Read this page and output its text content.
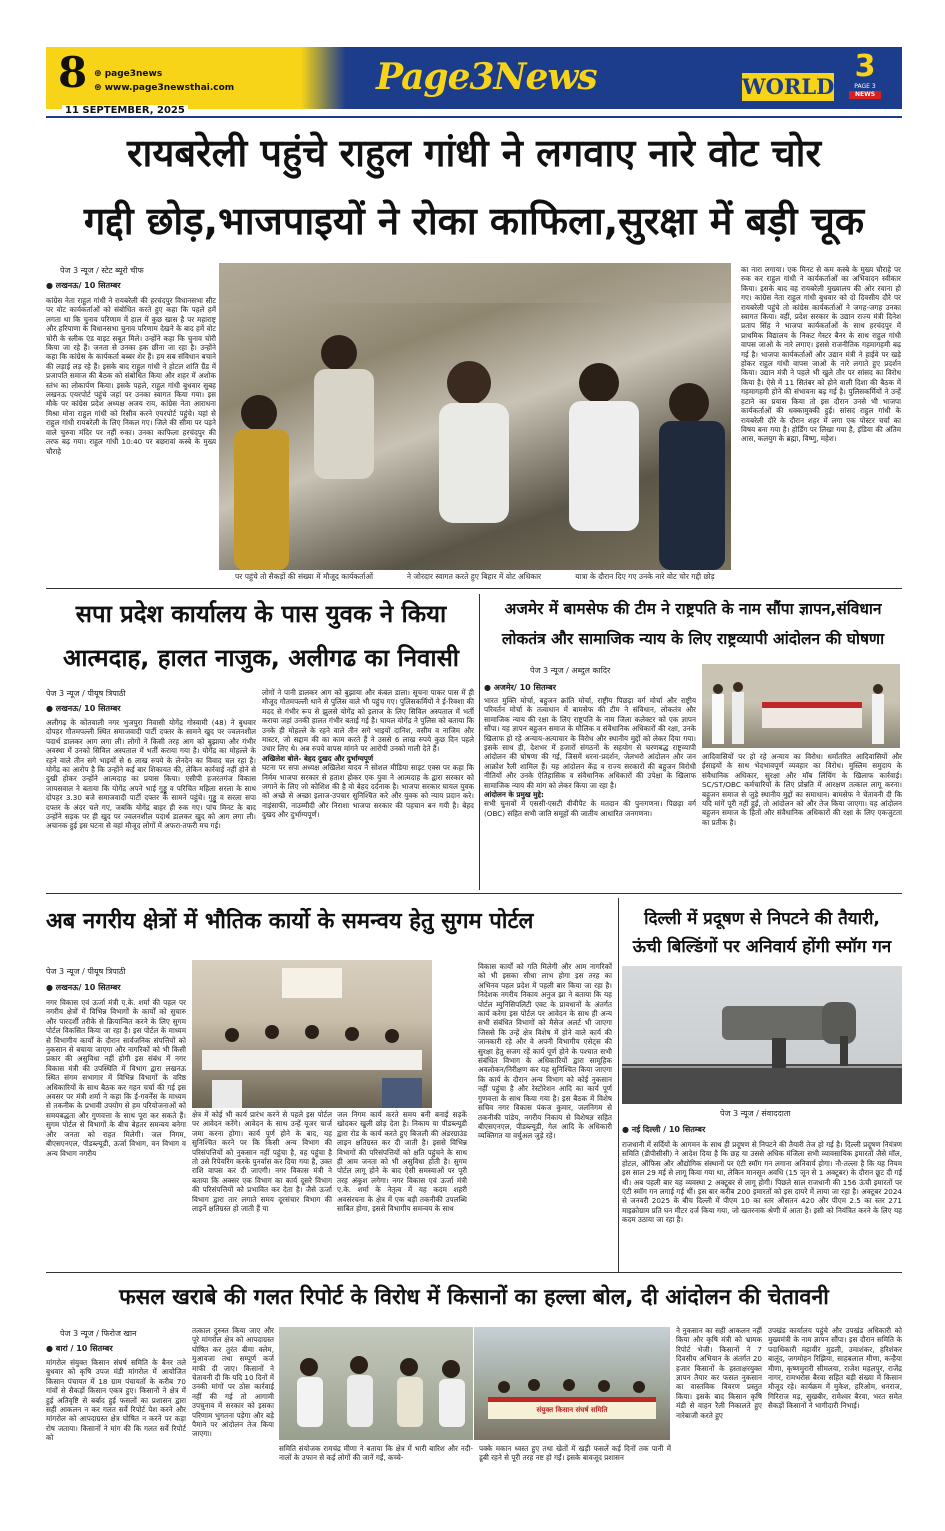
8 ⊕ page3news
⊛ www.page3newsthai.com	Page3News	WORLD
3
PAGE 3
NEWS
11 SEPTEMBER, 2025
रायबरेली पहुंचे राहुल गांधी ने लगवाए नारे वोट चोर
गद्दी छोड़,भाजपाइयों ने रोका काफिला,सुरक्षा में बड़ी चूक
पेज 3 न्यूज / स्टेट ब्यूरो चीफ
● लखनऊ/ 10 सितम्बर
कांग्रेस नेता राहुल गांधी ने रायबरेली की हरचंदपुर विधानसभा सीट पर वोट कार्यकर्ताओं को संबोधित करते हुए कहा कि पहले हमें लगता था कि चुनाव परिणाम में हाल में कुछ खास है पर महाराष्ट्र और हरियाणा के विधानसभा चुनाव परिणाम देखने के बाद हमें वोट चोरी के स्लीक एंड वाइट सबूत मिले। उन्होंने कहा कि चुनाव चोरी किया जा रहे हैं। जनता से उनका हक छीना जा रहा है। उन्होंने कहा कि कांग्रेस के कार्यकर्ता बब्बर शेर हैं। हम सब संविधान बचाने की लड़ाई लड़ रहे हैं। इसके बाद राहुल गांधी ने होटल शांति ग्रैंड में प्रजापति समाज की बैठक को संबोधित किया और शहर में अशोक स्तंभ का लोकार्पण किया। इसके पहले, राहुल गांधी बुधवार सुबह लखनऊ एयरपोर्ट पहुंचे जहां पर उनका स्वागत किया गया। इस मौके पर कांग्रेस प्रदेश अध्यक्ष अजय राय, कांग्रेस नेता आराधना मिश्रा मोना राहुल गांधी को रिसीव करने एयरपोर्ट पहुंचे। यहां से राहुल गांधी रायबरेली के लिए निकल गए। जिले की सीमा पर पड़ने वाले चुरुवा मंदिर पर नहीं रुका। उनका काफिला हरचंदपुर की तरफ बढ़ गया। राहुल गांधी 10:40 पर बछरावां कस्बे के मुख्य चौराहे
पर पहुंचे तो सैकड़ों की संख्या में मौजूद कार्यकर्ताओं	ने जोरदार स्वागत करते हुए बिहार में वोट अधिकार	यात्रा के दौरान दिए गए उनके नारे वोट चोर गद्दी छोड़
का नारा लगाया। एक मिनट से कम कस्बे के मुख्य चौराहे पर रुक कर राहुल गांधी ने कार्यकर्ताओं का अभिवादन स्वीकार किया। इसके बाद वह रायबरेली मुख्यालय की ओर रवाना हो गए। कांग्रेस नेता राहुल गांधी बुधवार को दो दिवसीय दौरे पर रायबरेली पहुंचे तो कांग्रेस कार्यकर्ताओं ने जगह-जगह उनका स्वागत किया। वहीं, प्रदेश सरकार के उद्यान राज्य मंत्री दिनेश प्रताप सिंह ने भाजपा कार्यकर्ताओं के साथ हरचंदपुर में प्राथमिक विद्यालय के निकट गेस्टर बैनर के साथ राहुल गांधी वापस जाओ के नारे लगाए। इससे राजनीतिक गहमागहमी बढ़ गई है। भाजपा कार्यकर्ताओं और उद्यान मंत्री ने हाईवे पर खड़े होकर राहुल गांधी वापस जाओ के नारे लगाते हुए प्रदर्शन किया। उद्यान मंत्री ने पहले भी खुले तौर पर सांसद का विरोध किया है। ऐसे में 11 सितंबर को होने वाली दिशा की बैठक में गहमागहमी होने की संभावना बढ़ गई है। पुलिसकर्मियों ने उन्हें हटाने का प्रयास किया तो इस दौरान उनसे भी भाजपा कार्यकर्ताओं की धक्कामुक्की हुई। सांसद राहुल गांधी के रायबरेली दौरे के दौरान शहर में लगा एक पोस्टर चर्चा का विषय बना गया है। होर्डिंग पर लिखा गया है, इंडिया की अंतिम आस, कलयुग के ब्रह्मा, विष्णु, महेश।
सपा प्रदेश कार्यालय के पास युवक ने किया
आत्मदाह, हालत नाजुक, अलीगढ का निवासी
पेज 3 न्यूज / पीयूष त्रिपाठी
● लखनऊ/ 10 सितम्बर
अलीगढ़ के कोतवाली नगर भुजपुरा निवासी योगेंद्र गोस्वामी (48) ने बुधवार दोपहर गौतमपल्ली स्थित समाजवादी पार्टी दफ्तर के सामने खुद पर ज्वलनशील पदार्थ डालकर आग लगा ली। लोगों ने किसी तरह आग को बुझाया और गंभीर अवस्था में उनको सिविल अस्पताल में भर्ती कराया गया है। योगेंद्र का मोहल्ले के रहने वाले तीन सगे भाइयों से 6 लाख रुपये के लेनदेन का विवाद चल रहा है। योगेंद्र का आरोप है कि उन्होंने कई बार शिकायत की, लेकिन कार्रवाई नहीं होने से दुखी होकर उन्होंने आत्मदाह का प्रयास किया। एसीपी हजरतगंज विकास जायसवाल ने बताया कि योगेंद्र अपने भाई गुड्डू व परिचित महिला सरला के साथ दोपहर 3.30 बजे समाजवादी पार्टी दफ्तर के सामने पहुंचे। गुड्डू व सरला सपा दफ्तर के अंदर चले गए, जबकि योगेंद्र बाहर ही रुक गए। पांच मिनट के बाद उन्होंने सड़क पर ही खुद पर ज्वलनशील पदार्थ डालकर खुद को आग लगा ली। अचानक हुई इस घटना से वहां मौजूद लोगों में अफरा-तफरी मच गई।
लोगों ने पानी डालकर आग को बुझाया और कंबल डाला। सूचना पाकर पास में ही मौजूद गौतमपल्ली थाने से पुलिस वाले भी पहुंच गए। पुलिसकर्मियों ने ई-रिक्शा की मदद से गंभीर रूप से झुलसे योगेंद्र को इलाज के लिए सिविल अस्पताल में भर्ती कराया जहां उनकी हालत गंभीर बताई गई है। घायल योगेंद्र ने पुलिस को बताया कि उनके ही मोहल्ले के रहने वाले तीन सगे भाइयों दानिश, वसीम व नाजिम और मास्टर, जो सद्दाम की का काम करते हैं ने उससे 6 लाख रुपये कुछ दिन पहले उधार लिए थे। अब रुपये वापस मांगने पर आरोपी उनको गाली देते हैं।
अखिलेश बोले- बेहद दुखद और दुर्भाग्यपूर्ण
घटना पर सपा अध्यक्ष अखिलेश यादव ने सोशल मीडिया साइट एक्स पर कहा कि निर्मम भाजपा सरकार से हताश होकर एक युवा ने आत्मदाह के द्वारा सरकार को जगाने के लिए जो कोशिश की है वो बेहद दर्दनाक है। भाजपा सरकार घायल युवक को अच्छे से अच्छा इलाज-उपचार सुनिश्चित करे और युवक को न्याय प्रदान करे। नाइंसाफी, नाउम्मीदी और निराशा भाजपा सरकार की पहचान बन गयी है। बेहद दुखद और दुर्भाग्यपूर्ण।
अजमेर में बामसेफ की टीम ने राष्ट्रपति के नाम सौंपा ज्ञापन,संविधान
लोकतंत्र और सामाजिक न्याय के लिए राष्ट्रव्यापी आंदोलन की घोषणा
पेज 3 न्यूज / अब्दुल कादिर
● अजमेर/ 10 सितम्बर
भारत मुक्ति मोर्चा, बहुजन क्रांति मोर्चा, राष्ट्रीय पिछड़ा वर्ग मोर्चा और राष्ट्रीय परिवर्तन मोर्चा के तत्वाधान में बामसेफ की टीम ने संविधान, लोकतंत्र और सामाजिक न्याय की रक्षा के लिए राष्ट्रपति के नाम जिला कलेक्टर को एक ज्ञापन सौंपा। यह ज्ञापन बहुजन समाज के मौलिक व संवैधानिक अधिकारों की रक्षा, उनके खिलाफ हो रहे अन्याय-अत्याचार के विरोध और स्थानीय मुद्दों को लेकर दिया गया। इसके साथ ही, देशभर में हजारों संगठनों के सहयोग से चरणबद्ध राष्ट्रव्यापी आंदोलन की घोषणा की गई, जिसमें धरना-प्रदर्शन, जेलभरो आंदोलन और जन आक्रोश रैली शामिल हैं। यह आंदोलन केंद्र व राज्य सरकारों की बहुजन विरोधी नीतियों और उनके ऐतिहासिक व संवैधानिक अधिकारों की उपेक्षा के खिलाफ सामाजिक न्याय की मांग को लेकर किया जा रहा है।
आंदोलन के प्रमुख मुद्दे:
सभी चुनावों में एससी-एसटी वीवीपैट के मतदान की पुनःगणना। पिछड़ा वर्ग (OBC) सहित सभी जाति समूहों की जातीय आधारित जनगणना।
आदिवासियों पर हो रहे अन्याय का विरोध। धर्मांतरित आदिवासियों और ईसाइयों के साथ भेदभावपूर्ण व्यवहार का विरोध। मुस्लिम समुदाय के संवैधानिक अधिकार, सुरक्षा और मॉब लिंचिंग के खिलाफ कार्रवाई। SC/ST/OBC कर्मचारियों के लिए प्रोन्नति में आरक्षण तत्काल लागू करना। बहुजन समाज से जुड़े स्थानीय मुद्दों का समाधान। बामसेफ ने चेतावनी दी कि यदि मांगें पूरी नहीं हुईं, तो आंदोलन को और तेज किया जाएगा। यह आंदोलन बहुजन समाज के हितों और संवैधानिक अधिकारों की रक्षा के लिए एकजुटता का प्रतीक है।
अब नगरीय क्षेत्रों में भौतिक कार्यो के समन्वय हेतु सुगम पोर्टल
पेज 3 न्यूज / पीयूष त्रिपाठी
● लखनऊ/ 10 सितम्बर
नगर विकास एवं ऊर्जा मंत्री ए.के. शर्मा की पहल पर नगरीय क्षेत्रों में विभिन्न विभागों के कार्यों को सुचारु और पारदर्शी तरीके से क्रियान्वित करने के लिए सुगम पोर्टल विकसित किया जा रहा है। इस पोर्टल के माध्यम से विभागीय कार्यों के दौरान सार्वजनिक संपत्तियों को नुकसान से बचाया जाएगा और नागरिकों को भी किसी प्रकार की असुविधा नहीं होगी इस संबंध में नगर विकास मंत्री की उपस्थिति में विभाग द्वारा लखनऊ स्थित संगम सभागार में विभिन्न विभागों के वरिष्ठ अधिकारियों के साथ बैठक कर गहन चर्चा की गई इस अवसर पर मंत्री शर्मा ने कहा कि ई-गवर्नेंस के माध्यम से तकनीक के प्रभावी उपयोग से हम परियोजनाओं को समयबद्धता और गुणवत्ता के साथ पूरा कर सकते हैं। सुगम पोर्टल से विभागों के बीच बेहतर समन्वय बनेगा और जनता को राहत मिलेगी। जल निगम, बीएसएनएल, पीडब्ल्यूडी, ऊर्जा विभाग, वन विभाग व अन्य विभाग नगरीय
क्षेत्र में कोई भी कार्य प्रारंभ करने से पहले इस पोर्टल पर आवेदन करेंगे। आवेदन के साथ उन्हें यूजर चार्ज जमा करना होगा। कार्य पूर्ण होने के बाद, यह सुनिश्चित करने पर कि किसी अन्य विभाग की परिसंपत्तियों को नुकसान नहीं पहुंचा है, वह पहुंचा है तो उसे रिपेयरिंग करके पुनर्वास कर दिया गया है, उक्त राशि वापस कर दी जाएगी। नगर विकास मंत्री ने बताया कि अक्सर एक विभाग का कार्य दूसरे विभाग की परिसंपत्तियों को प्रभावित कर देता है। जैसे ऊर्जा विभाग द्वारा तार लगाते समय दूरसंचार विभाग की लाइनें क्षतिग्रस्त हो जाती हैं या
जल निगम कार्य करते समय बनी बनाई सड़कें खोदकर खुली छोड़ देता है। निकाय या पीडब्ल्यूडी द्वारा रोड के कार्य करते हुए बिजली की अंडरग्राउंड लाइन क्षतिग्रस्त कर दी जाती है। इससे विभिन्न विभागों की परिसंपत्तियों को क्षति पहुंचने के साथ ही आम जनता को भी असुविधा होती है। सुगम पोर्टल लागू होने के बाद ऐसी समस्याओं पर पूरी तरह अंकुश लगेगा। नगर विकास एवं ऊर्जा मंत्री ए.के. शर्मा के नेतृत्व में यह कदम शहरी अवसंरचना के क्षेत्र में एक बड़ी तकनीकी उपलब्धि साबित होगा, इससे विभागीय समन्वय के साथ
विकास कार्यों को गति मिलेगी और आम नागरिकों को भी इसका सीधा लाभ होगा इस तरह का अभिनव पहल प्रदेश में पहली बार किया जा रहा है। निदेशक नगरीय निकाय अनुज झा ने बताया कि यह पोर्टल म्युनिसिपलिटी एक्ट के प्रावधानों के अंतर्गत कार्य करेगा इस पोर्टल पर आवेदन के साथ ही अन्य सभी संबंधित विभागों को मैसेज अलर्ट भी जाएगा जिससे कि उन्हें क्षेत्र विशेष में होने वाले कार्य की जानकारी रहे और वे अपनी विभागीय एसेट्स की सुरक्षा हेतु सजग रहें कार्य पूर्ण होने के पश्चात सभी संबंधित विभाग के अधिकारियों द्वारा सामूहिक अवलोकन/निरीक्षण कर यह सुनिश्चित किया जाएगा कि कार्य के दौरान अन्य विभाग को कोई नुकसान नहीं पहुंचा है और रेस्टोरेशन आदि का कार्य पूर्ण गुणवत्ता के साथ किया गया है। इस बैठक में विशेष सचिव नगर विकास पंकज कुमार, जलनिगम से तकनीकी पांडेय, नगरीय निकाय से विशेषज्ञ सहित बीएसएनएल, पीडब्ल्यूडी, गेल आदि के अधिकारी व्यक्तिगत या वर्चुअल जुड़े रहे।
दिल्ली में प्रदूषण से निपटने की तैयारी,
ऊंची बिल्डिंगों पर अनिवार्य होंगी स्मॉग गन
पेज 3 न्यूज / संवाददाता
● नई दिल्ली / 10 सितम्बर
राजधानी में सर्दियों के आगमन के साथ ही प्रदूषण से निपटने की तैयारी तेज हो गई है। दिल्ली प्रदूषण नियंत्रण समिति (डीपीसीसी) ने आदेश दिया है कि छह या उससे अधिक मंजिला सभी व्यावसायिक इमारतों जैसे मॉल, होटल, ऑफिस और औद्योगिक संस्थानों पर एंटी स्मॉग गन लगाना अनिवार्य होगा। नौ-तल्ला है कि यह नियम इस साल 29 मई से लागू किया गया था, लेकिन मानसून अवधि (15 जून से 1 अक्टूबर) के दौरान छूट दी गई थी। अब पहली बार यह व्यवस्था 2 अक्टूबर से लागू होगी। पिछले साल राजधानी की 156 ऊंची इमारतों पर एंटी स्मॉग गन लगाई गई थीं। इस बार करीब 200 इमारतों को इस दायरे में लाया जा रहा है। अक्टूबर 2024 से जनवरी 2025 के बीच दिल्ली में पीएम 10 का स्तर औसतन 420 और पीएम 2.5 का स्तर 271 माइक्रोग्राम प्रति घन मीटर दर्ज किया गया, जो खतरनाक श्रेणी में आता है। इसी को नियंत्रित करने के लिए यह कदम उठाया जा रहा है।
फसल खराबे की गलत रिपोर्ट के विरोध में किसानों का हल्ला बोल, दी आंदोलन की चेतावनी
पेज 3 न्यूज / फिरोज खान
● बारां / 10 सितम्बर
मांगरोल संयुक्त किसान संघर्ष समिति के बैनर तले बुधवार को कृषि उपज मंडी मांगरोल में आयोजित किसान पंचायत में 18 ग्राम पंचायतों के करीब 70 गांवों से सैकड़ों किसान एकत्र हुए। किसानों ने क्षेत्र में हुई अतिवृष्टि से बर्बाद हुई फसलों का प्रशासन द्वारा सही आकलन न कर गलत सर्वे रिपोर्ट पेश करने और मांगरोल को आपदाग्रस्त क्षेत्र घोषित न करने पर कड़ा रोष जताया। किसानों ने मांग की कि गलत सर्वे रिपोर्ट को
तत्काल दुरुस्त किया जाए और पूरे मांगरोल क्षेत्र को आपदाग्रस्त घोषित कर तुरंत बीमा क्लेम, मुआवजा तथा सम्पूर्ण कर्ज माफी दी जाए। किसानों ने चेतावनी दी कि यदि 10 दिनों में उनकी मांगों पर ठोस कार्रवाई नहीं की गई तो आगामी उपचुनाव में सरकार को इसका परिणाम भुगतना पड़ेगा और बड़े पैमाने पर आंदोलन तेज किया जाएगा।
संयुक्त किसान संघर्ष समिति
समिति संयोजक रामचंद्र मीणा ने बताया कि क्षेत्र में भारी बारिश और नदी-नालों के उफान से कई लोगों की जानें गईं, कच्चे-
पक्के मकान ध्वस्त हुए तथा खेतों में खड़ी फसलें कई दिनों तक पानी में डूबी रहने से पूरी तरह नष्ट हो गईं। इसके बावजूद प्रशासन
ने नुकसान का सही आकलन नहीं किया और कृषि मंत्री को भ्रामक रिपोर्ट भेजी। किसानों ने 7 दिवसीय अभियान के अंतर्गत 20 हजार किसानों के हस्ताक्षरयुक्त ज्ञापन तैयार कर फसल नुकसान का वास्तविक विवरण प्रस्तुत किया। इसके बाद किसान कृषि मंडी से वाहन रैली निकालते हुए नारेबाजी करते हुए
उपखंड कार्यालय पहुंचे और उपखंड अधिकारी को मुख्यमंत्री के नाम ज्ञापन सौंपा। इस दौरान समिति के पदाधिकारी महावीर मुडली, उमाशंकर, हरिशंकर बालूंद, जगमोहन रिझिया, साहबलाल मीणा, कन्हैया मीणा, कृष्णमुरारी सीमलया, राजेश महलपुर, राजेंद्र नागर, रामभरोस बैरवा सहित बड़ी संख्या में किसान मौजूद रहे। कार्यक्रम में मुकेश, हरिओम, धनराज, गिरिराज मड़, सुखबीर, रामेश्वर बैरवा, भरत समेत सैकड़ों किसानों ने भागीदारी निभाई।
